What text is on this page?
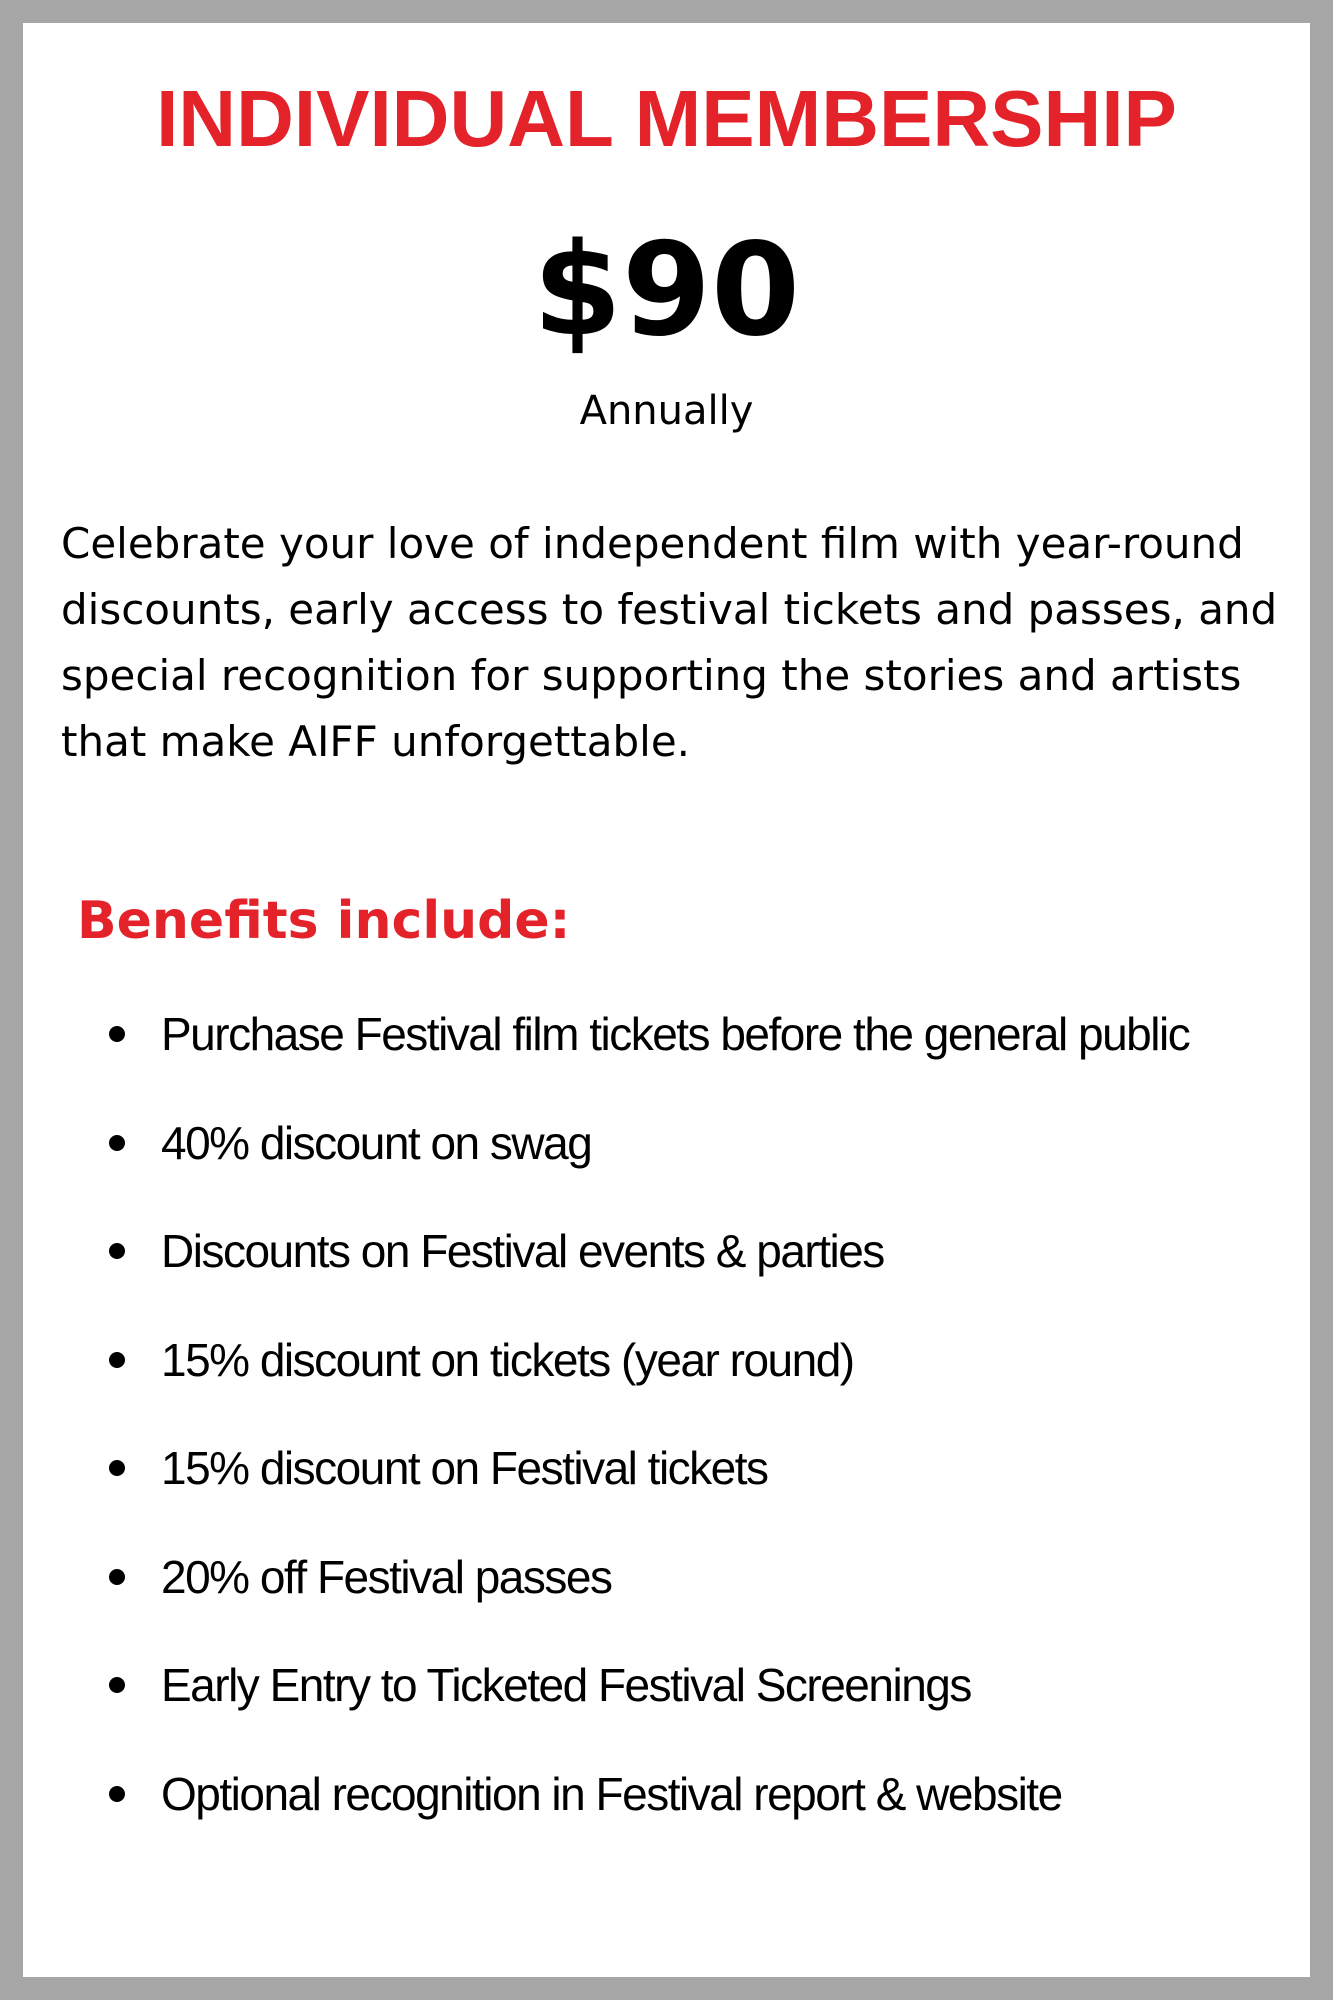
INDIVIDUAL MEMBERSHIP
$90
Annually

Celebrate your love of independent film with year-round discounts, early access to festival tickets and passes, and special recognition for supporting the stories and artists that make AIFF unforgettable.

Benefits include:
Purchase Festival film tickets before the general public
40% discount on swag
Discounts on Festival events & parties
15% discount on tickets (year round)
15% discount on Festival tickets
20% off Festival passes
Early Entry to Ticketed Festival Screenings
Optional recognition in Festival report & website
